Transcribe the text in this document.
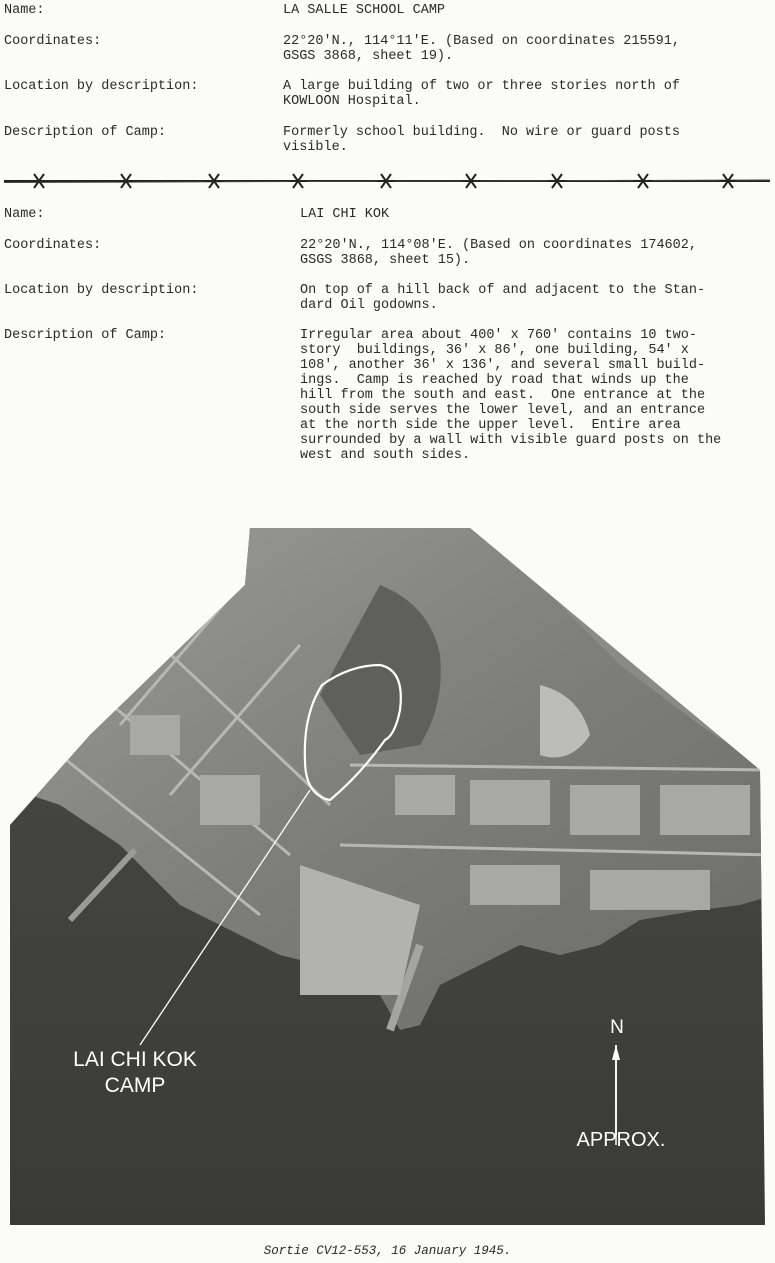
Name:	LA SALLE SCHOOL CAMP
Coordinates:	22°20'N., 114°11'E. (Based on coordinates 215591,
GSGS 3868, sheet 19).
Location by description:	A large building of two or three stories north of
KOWLOON Hospital.
Description of Camp:	Formerly school building.  No wire or guard posts
visible.
Name:	LAI CHI KOK
Coordinates:	22°20'N., 114°08'E. (Based on coordinates 174602,
GSGS 3868, sheet 15).
Location by description:	On top of a hill back of and adjacent to the Stan-
dard Oil godowns.
Description of Camp:	Irregular area about 400' x 760' contains 10 two-
story  buildings, 36' x 86', one building, 54' x
108', another 36' x 136', and several small build-
ings.  Camp is reached by road that winds up the
hill from the south and east.  One entrance at the
south side serves the lower level, and an entrance
at the north side the upper level.  Entire area
surrounded by a wall with visible guard posts on the
west and south sides.
LAI CHI KOK
CAMP
N
APPROX.
Sortie CV12-553, 16 January 1945.
